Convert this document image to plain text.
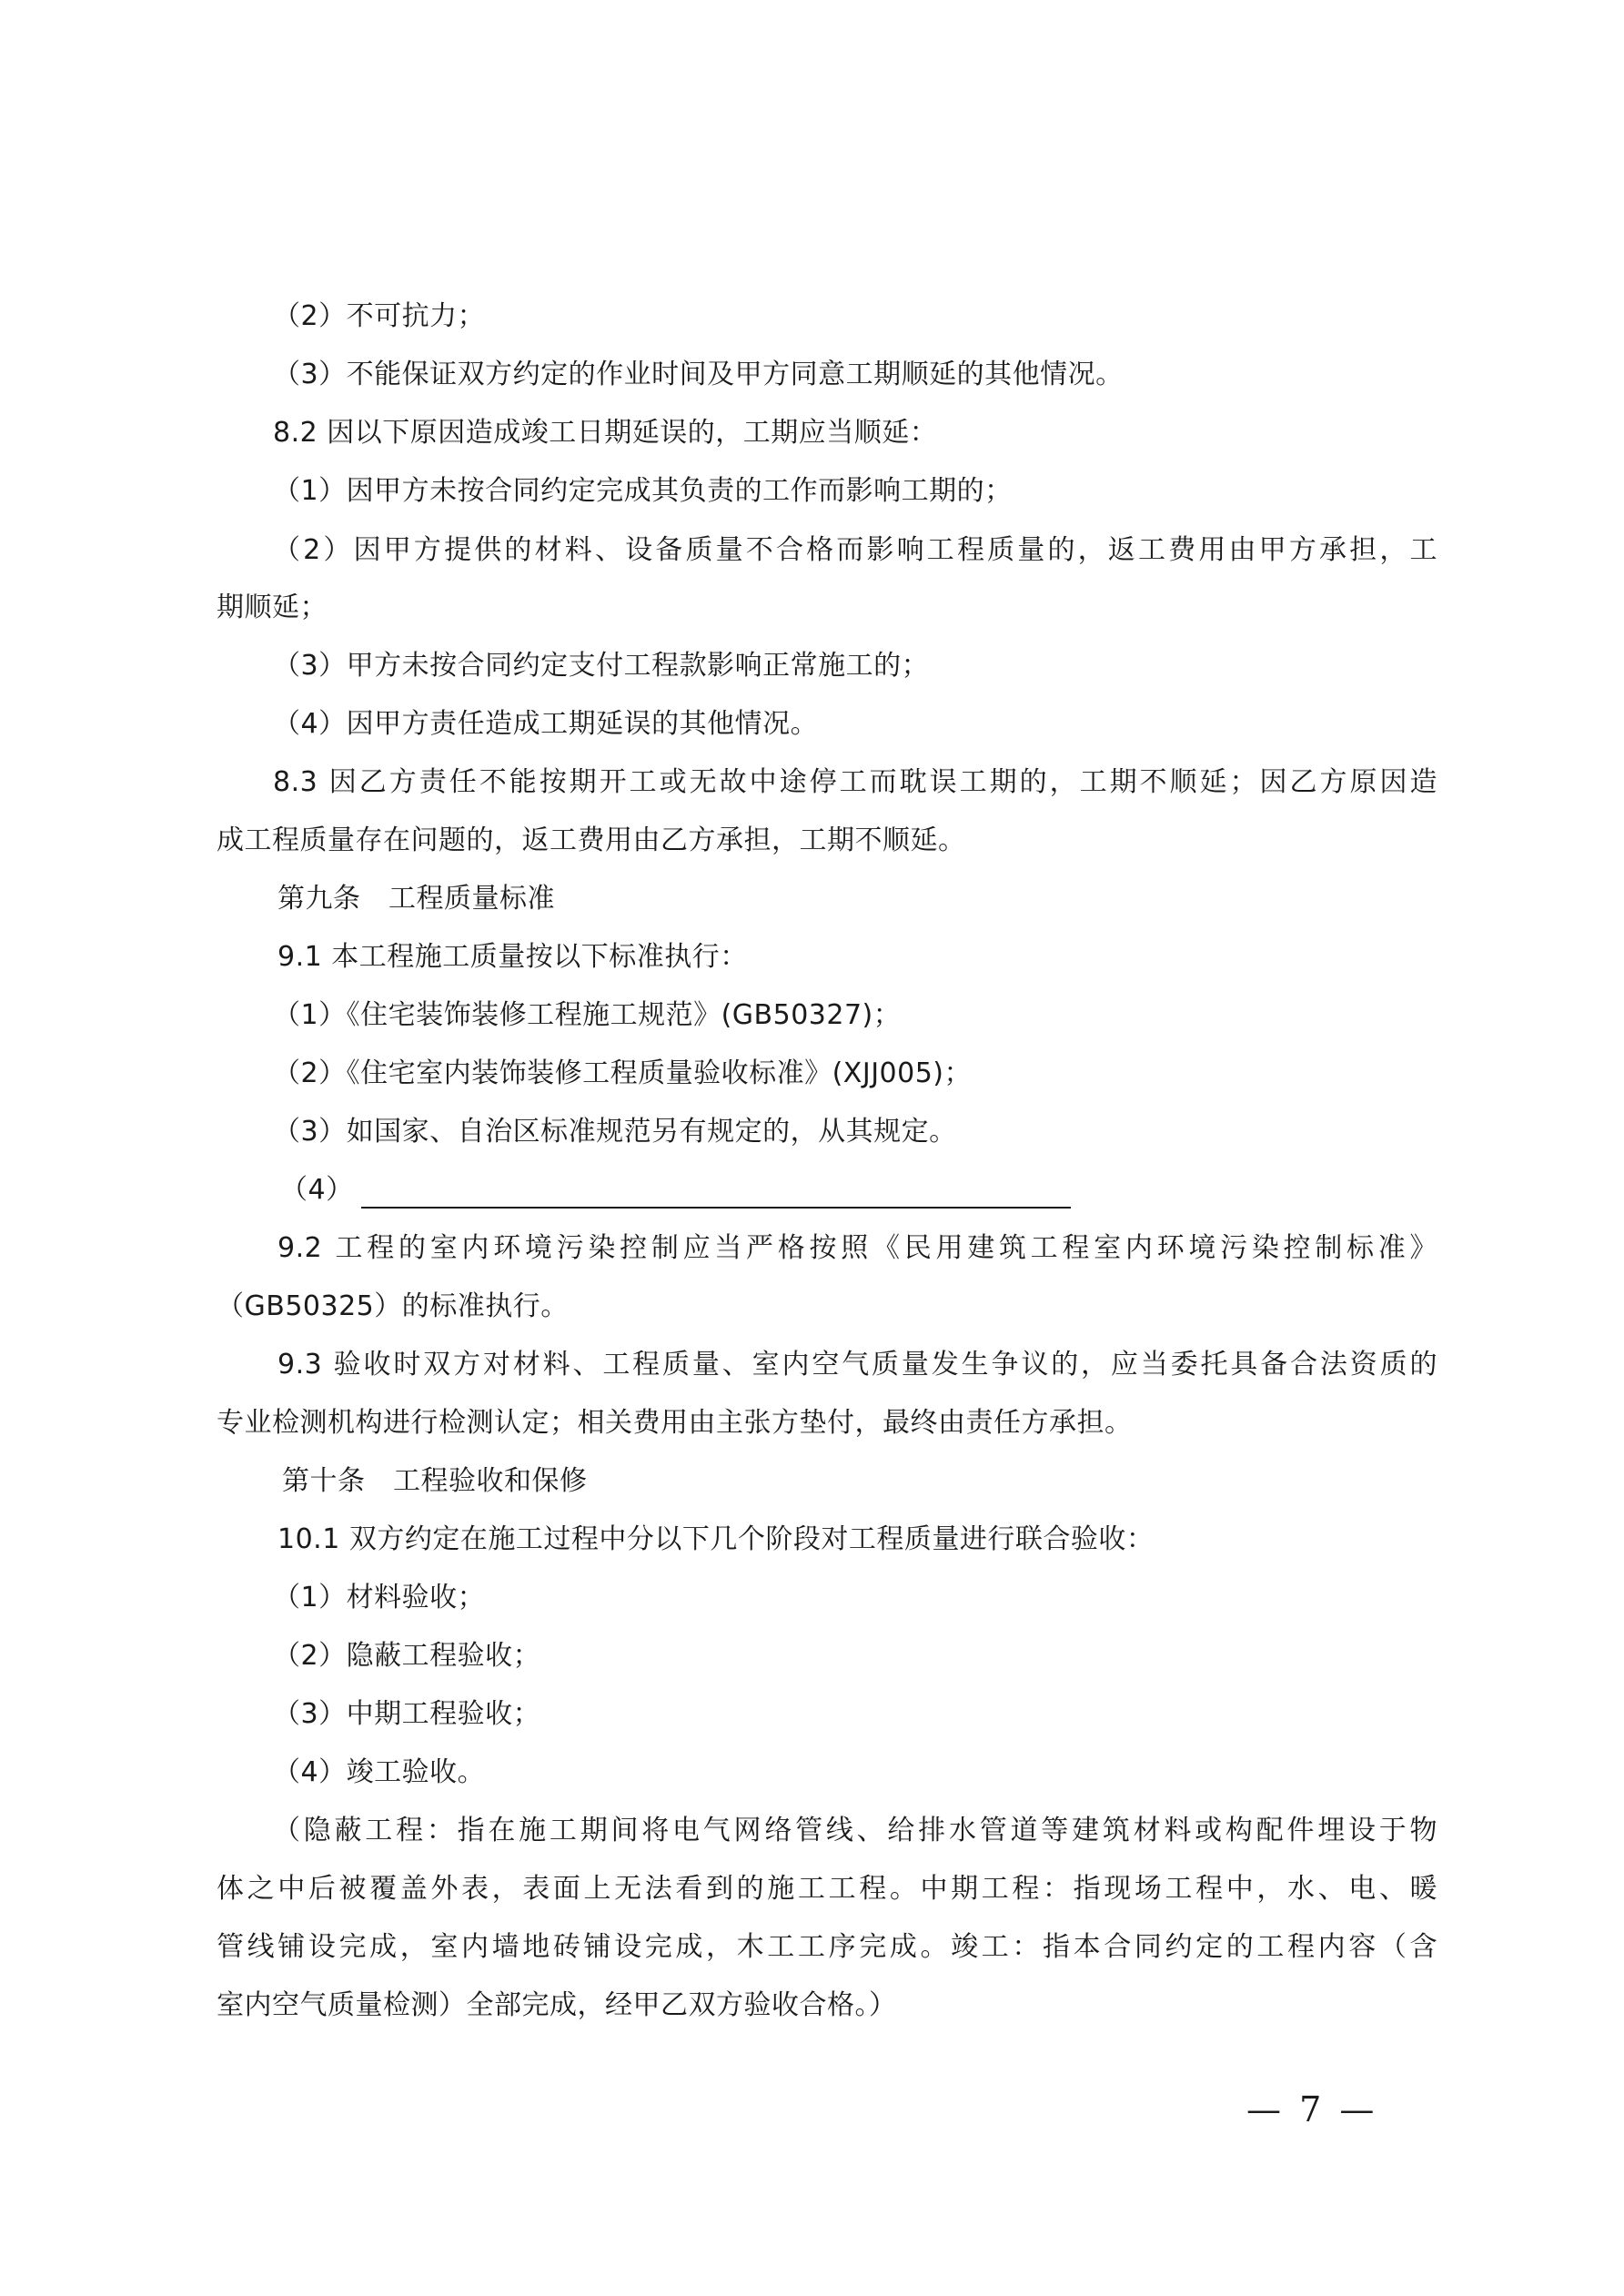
（2）不可抗力；
（3）不能保证双方约定的作业时间及甲方同意工期顺延的其他情况。
8.2 因以下原因造成竣工日期延误的，工期应当顺延：
（1）因甲方未按合同约定完成其负责的工作而影响工期的；
（2）因甲方提供的材料、设备质量不合格而影响工程质量的，返工费用由甲方承担，工
期顺延；
（3）甲方未按合同约定支付工程款影响正常施工的；
（4）因甲方责任造成工期延误的其他情况。
8.3 因乙方责任不能按期开工或无故中途停工而耽误工期的，工期不顺延；因乙方原因造
成工程质量存在问题的，返工费用由乙方承担，工期不顺延。
第九条　工程质量标准
9.1 本工程施工质量按以下标准执行：
（1）《住宅装饰装修工程施工规范》(GB50327)；
（2）《住宅室内装饰装修工程质量验收标准》(XJJ005)；
（3）如国家、自治区标准规范另有规定的，从其规定。
（4）
9.2 工程的室内环境污染控制应当严格按照《民用建筑工程室内环境污染控制标准》
（GB50325）的标准执行。
9.3 验收时双方对材料、工程质量、室内空气质量发生争议的，应当委托具备合法资质的
专业检测机构进行检测认定；相关费用由主张方垫付，最终由责任方承担。
第十条　工程验收和保修
10.1 双方约定在施工过程中分以下几个阶段对工程质量进行联合验收：
（1）材料验收；
（2）隐蔽工程验收；
（3）中期工程验收；
（4）竣工验收。
（隐蔽工程：指在施工期间将电气网络管线、给排水管道等建筑材料或构配件埋设于物
体之中后被覆盖外表，表面上无法看到的施工工程。中期工程：指现场工程中，水、电、暖
管线铺设完成，室内墙地砖铺设完成，木工工序完成。竣工：指本合同约定的工程内容（含
室内空气质量检测）全部完成，经甲乙双方验收合格。）
— 7 —
